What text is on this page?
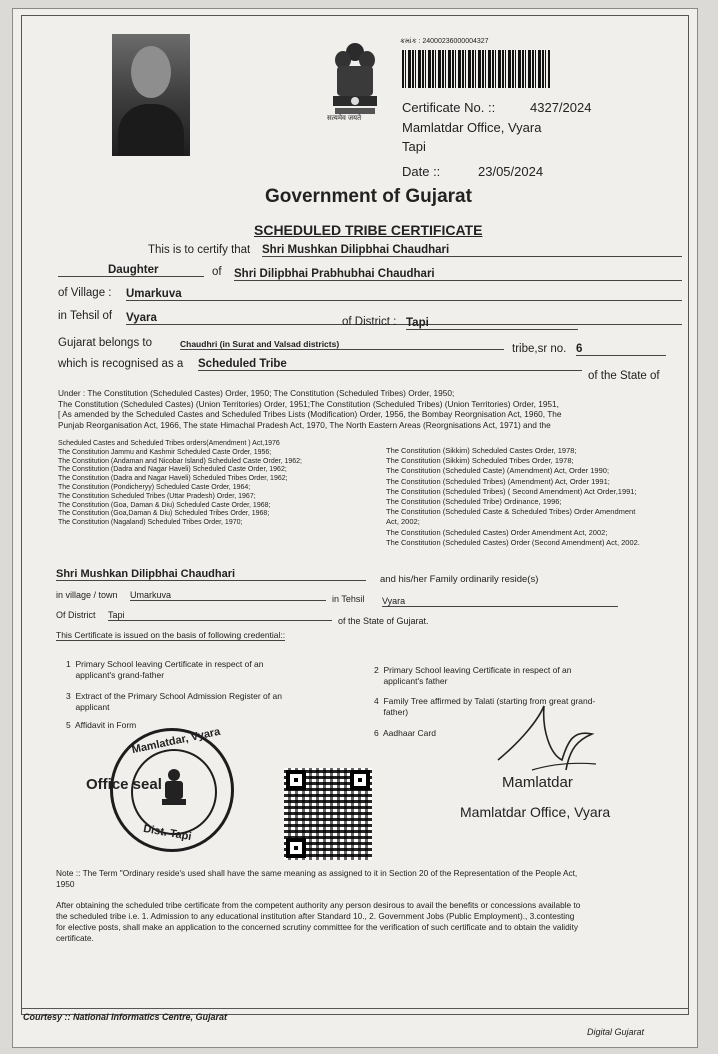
सत्यमेव जयते
ક્રમાંક : 24000236000004327
Certificate No. ::	4327/2024
Mamlatdar Office, Vyara
Tapi
Date ::	23/05/2024
Government of Gujarat
SCHEDULED TRIBE CERTIFICATE
This is to certify that Shri Mushkan Dilipbhai Chaudhari
Daughter	of Shri Dilipbhai Prabhubhai Chaudhari
of Village : Umarkuva
in Tehsil of Vyara	of District : Tapi
Gujarat belongs to	Chaudhri (in Surat and Valsad districts)	tribe,sr no. 6
which is recognised as a Scheduled Tribe
of the State of
Under : The Constitution (Scheduled Castes) Order, 1950; The Constitution (Scheduled Tribes) Order, 1950;
The Constitution (Scheduled Castes) (Union Territories) Order, 1951;The Constitution (Scheduled Tribes) (Union Territories) Order, 1951,
[ As amended by the Scheduled Castes and Scheduled Tribes Lists (Modification) Order, 1956, the Bombay Reorgnisation Act, 1960, The
Punjab Reorganisation Act, 1966, The state Himachal Pradesh Act, 1970, The North Eastern Areas (Reorgnisations Act, 1971) and the
Scheduled Castes and Scheduled Tribes orders(Amendment ) Act,1976
The Constitution Jammu and Kashmir Scheduled Caste Order, 1956;
The Constitution (Andaman and Nicobar Island) Scheduled Caste Order, 1962;
The Constitution (Dadra and Nagar Haveli) Scheduled Caste Order, 1962;
The Constitution (Dadra and Nagar Haveli) Scheduled Tribes Order, 1962;
The Constitution (Pondicheryy) Scheduled Caste Order, 1964;
The Constitution Scheduled Tribes (Uttar Pradesh) Order, 1967;
The Constitution (Goa, Daman & Diu) Scheduled Caste Order, 1968;
The Constitution (Goa,Daman & Diu) Scheduled Tribes Order, 1968;
The Constitution (Nagaland) Scheduled Tribes Order, 1970;
The Constitution (Sikkim) Scheduled Castes Order, 1978;
The Constitution (Sikkim) Scheduled Tribes Order, 1978;
The Constitution (Scheduled Caste) (Amendment) Act, Order 1990;
The Constitution (Scheduled Tribes) (Amendment) Act, Order 1991;
The Constitution (Scheduled Tribes) ( Second Amendment) Act Order,1991;
The Constitution (Scheduled Tribe) Ordinance, 1996;
The Constitution (Scheduled Caste & Scheduled Tribes) Order Amendment
Act, 2002;
The Constitution (Scheduled Castes) Order Amendment Act, 2002;
The Constitution (Scheduled Castes) Order (Second Amendment) Act, 2002.
Shri Mushkan Dilipbhai Chaudhari	and his/her Family ordinarily reside(s)
in village / town Umarkuva	in Tehsil Vyara
Of District Tapi
of the State of Gujarat.
This Certificate is issued on the basis of following credential::
1 Primary School leaving Certificate in respect of an
applicant's grand-father
3 Extract of the Primary School Admission Register of an
applicant
5 Affidavit in Form
2 Primary School leaving Certificate in respect of an
applicant's father
4 Family Tree affirmed by Talati (starting from great grand-
father)
6 Aadhaar Card
Mamlatdar, Vyara
Dist. Tapi
Office seal	Mamlatdar
Mamlatdar Office, Vyara
Note :: The Term "Ordinary reside's used shall have the same meaning as assigned to it in Section 20 of the Representation of the People Act,
1950
After obtaining the scheduled tribe certificate from the competent authority any person desirous to avail the benefits or concessions available to
the scheduled tribe i.e. 1. Admission to any educational institution after Standard 10., 2. Government Jobs (Public Employment)., 3.contesting
for elective posts, shall make an application to the concerned scrutiny committee for the verification of such certificate and to obtain the validity
certificate.
Courtesy :: National Informatics Centre, Gujarat
Digital Gujarat
